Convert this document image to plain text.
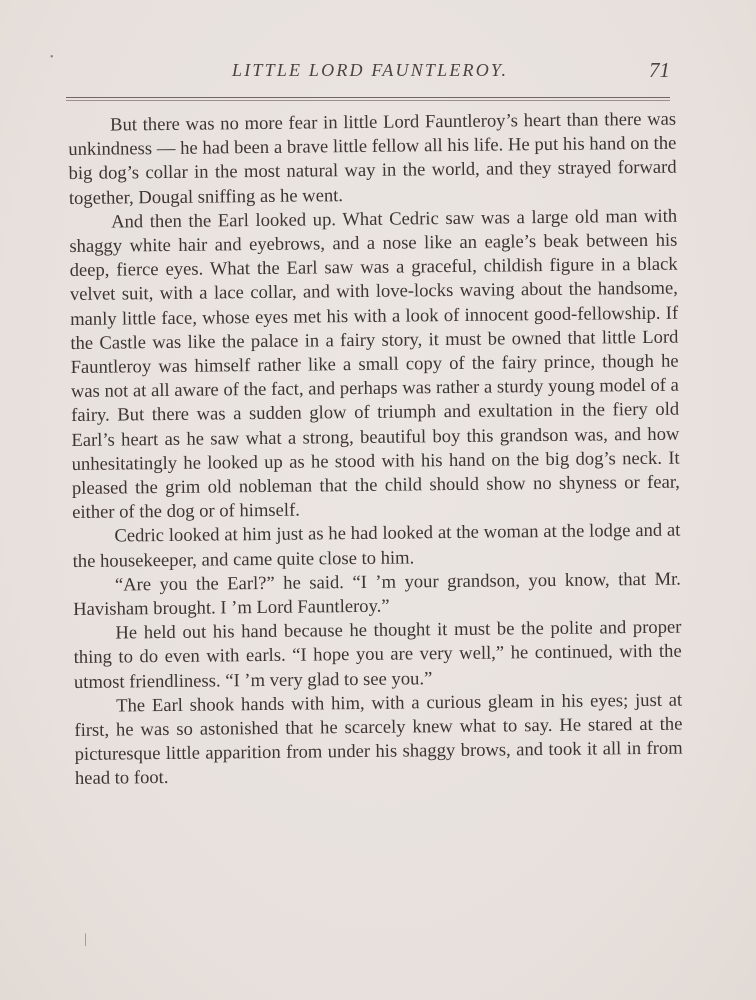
LITTLE LORD FAUNTLEROY.	71

But there was no more fear in little Lord Fauntleroy’s heart than there was unkindness — he had been a brave little fellow all his life. He put his hand on the big dog’s collar in the most natural way in the world, and they strayed forward together, Dougal sniffing as he went.

And then the Earl looked up. What Cedric saw was a large old man with shaggy white hair and eyebrows, and a nose like an eagle’s beak between his deep, fierce eyes. What the Earl saw was a graceful, childish figure in a black velvet suit, with a lace collar, and with love-locks waving about the handsome, manly little face, whose eyes met his with a look of innocent good-fellowship. If the Castle was like the palace in a fairy story, it must be owned that little Lord Fauntleroy was himself rather like a small copy of the fairy prince, though he was not at all aware of the fact, and perhaps was rather a sturdy young model of a fairy. But there was a sudden glow of triumph and exultation in the fiery old Earl’s heart as he saw what a strong, beautiful boy this grandson was, and how unhesitatingly he looked up as he stood with his hand on the big dog’s neck. It pleased the grim old nobleman that the child should show no shyness or fear, either of the dog or of himself.

Cedric looked at him just as he had looked at the woman at the lodge and at the housekeeper, and came quite close to him.

“Are you the Earl?” he said. “I ’m your grandson, you know, that Mr. Havisham brought. I ’m Lord Fauntleroy.”

He held out his hand because he thought it must be the polite and proper thing to do even with earls. “I hope you are very well,” he continued, with the utmost friendliness. “I ’m very glad to see you.”

The Earl shook hands with him, with a curious gleam in his eyes; just at first, he was so astonished that he scarcely knew what to say. He stared at the picturesque little apparition from under his shaggy brows, and took it all in from head to foot.

•
|
